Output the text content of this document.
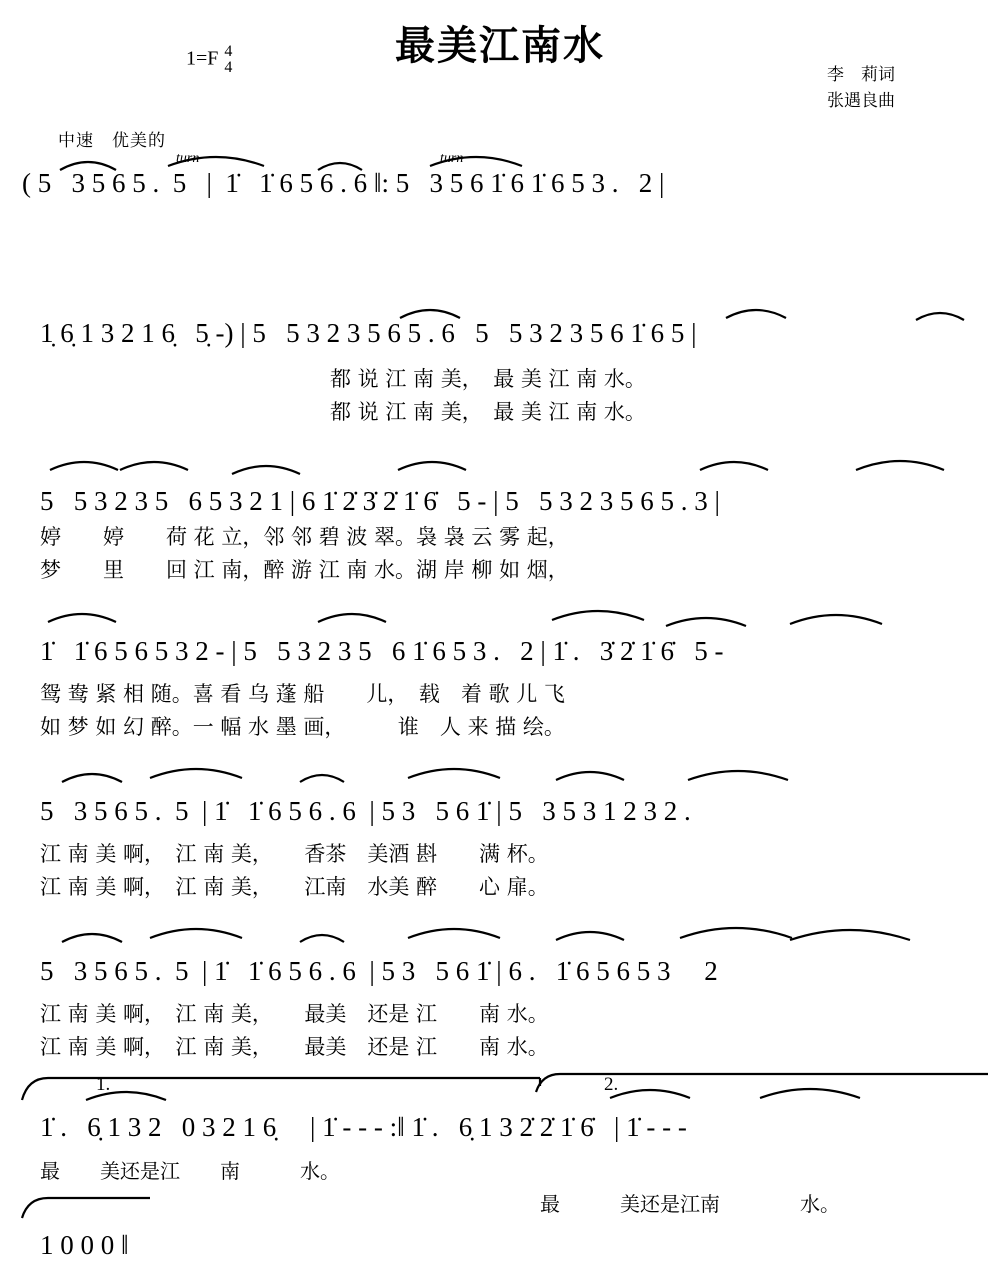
最美江南水
1=F 4
4	李　莉词
张遇良曲
中速　优美的
( 5   3 5 6 5 .  5   |  1̇   1̇ 6 5 6 . 6 ‖: 5   3 5 6 1̇ 6 1̇ 6 5 3 .   2 |
1̣ 6̣ 1 3 2 1 6̣   5̣ -) | 5   5 3 2 3 5 6 5 . 6   5   5 3 2 3 5 6 1̇ 6 5 |
都 说 江 南 美，　最 美 江 南 水。
都 说 江 南 美，　最 美 江 南 水。
5   5 3 2 3 5   6 5 3 2 1 | 6 1̇ 2̇ 3̇ 2̇ 1̇ 6̇   5 - | 5   5 3 2 3 5 6 5 . 3 |
婷　　婷　　荷 花 立，邻 邻 碧 波 翠。袅 袅 云 雾 起，
梦　　里　　回 江 南，醉 游 江 南 水。湖 岸 柳 如 烟，
1̇   1̇ 6 5 6 5 3 2 - | 5   5 3 2 3 5   6 1̇ 6 5 3 .   2 | 1̇ .   3̇ 2̇ 1̇ 6̇   5 -
鸳 鸯 紧 相 随。喜 看 乌 蓬 船　　儿，　载　着 歌 儿 飞
如 梦 如 幻 醉。一 幅 水 墨 画，　　　谁　人 来 描 绘。
5   3 5 6 5 .  5  | 1̇   1̇ 6 5 6 . 6  | 5 3   5 6 1̇ | 5   3 5 3 1 2 3 2 .
江 南 美 啊，　江 南 美，　　香茶　美酒 斟　　满 杯。
江 南 美 啊，　江 南 美，　　江南　水美 醉　　心 扉。
5   3 5 6 5 .  5  | 1̇   1̇ 6 5 6 . 6  | 5 3   5 6 1̇ | 6 .   1̇ 6 5 6 5 3     2
江 南 美 啊，　江 南 美，　　最美　还是 江　　南 水。
江 南 美 啊，　江 南 美，　　最美　还是 江　　南 水。
1̇ .   6̣ 1 3 2   0 3 2 1 6̣     | 1̇ - - - :‖ 1̇ .   6̣ 1 3 2̇ 2̇ 1̇ 6̇   | 1̇ - - -
最　　美还是江　　南　　　水。
最　　　美还是江南　　　　水。
1.	2.
1 0 0 0 ‖
turn	turn
